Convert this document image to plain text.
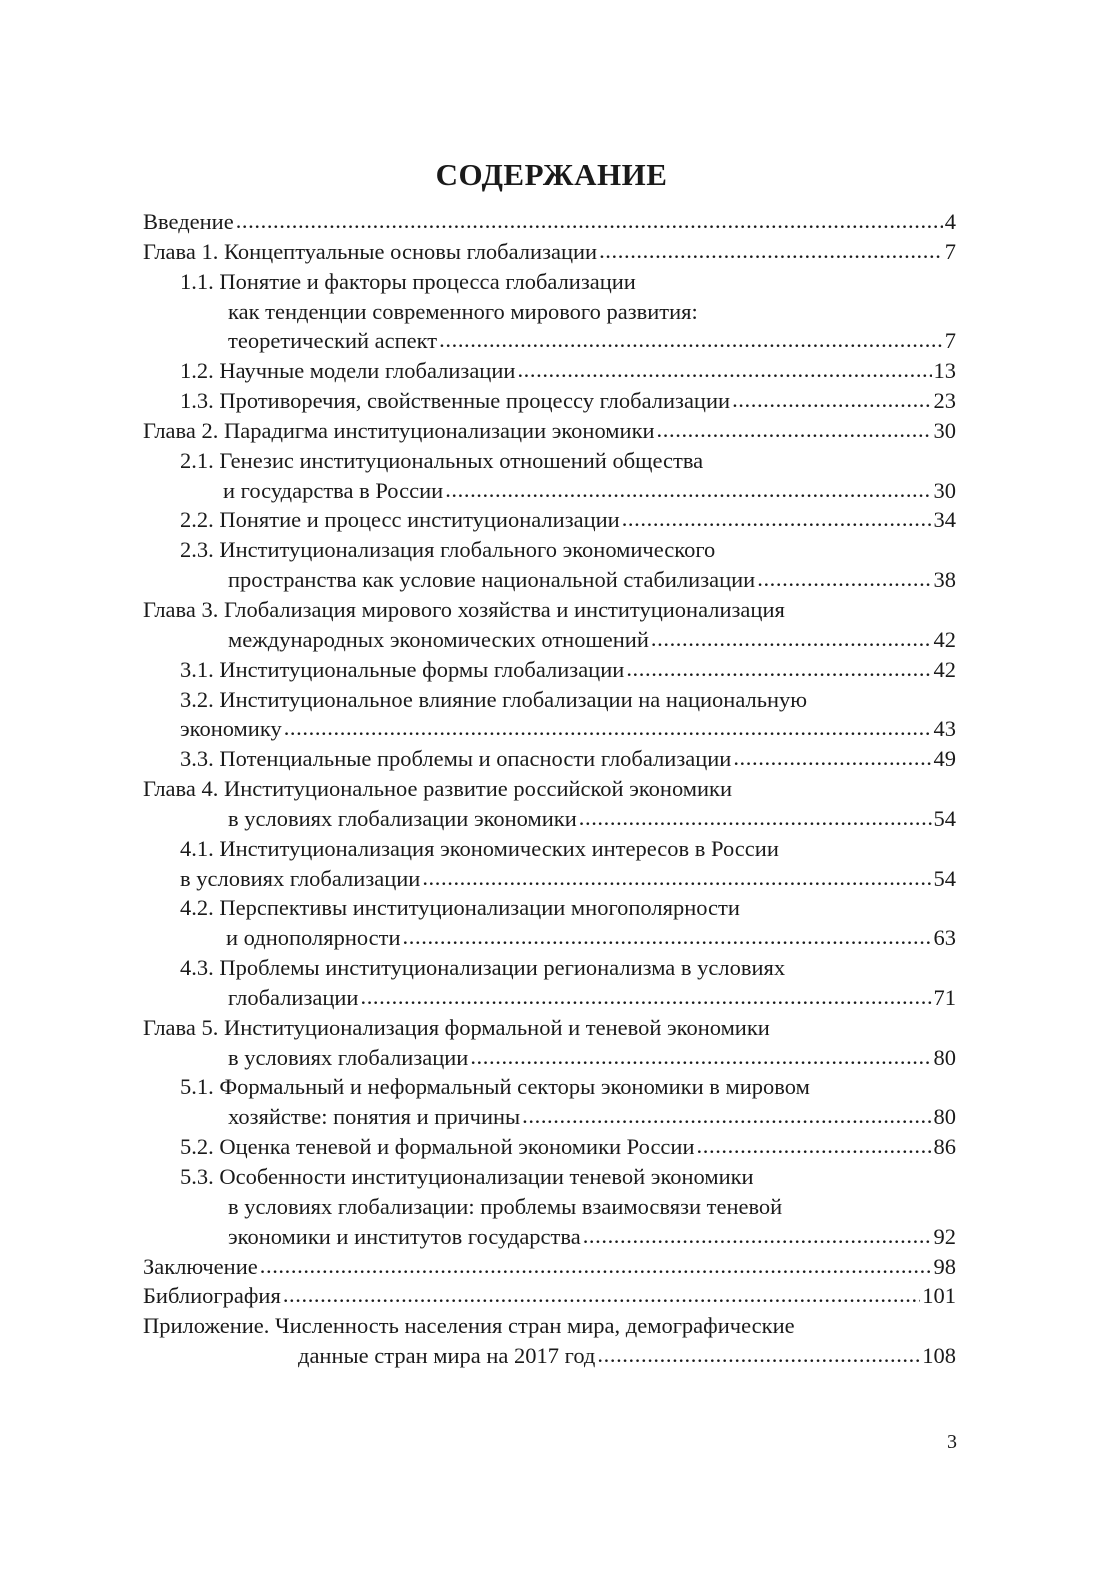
СОДЕРЖАНИЕ
Введение .....	4
Глава 1. Концептуальные основы глобализации .....	7
1.1. Понятие и факторы процесса глобализации
как тенденции современного мирового развития:
теоретический аспект .....	7
1.2. Научные модели глобализации .....	13
1.3. Противоречия, свойственные процессу глобализации .....	23
Глава 2. Парадигма институционализации экономики .....	30
2.1. Генезис институциональных отношений общества
и государства в России .....	30
2.2. Понятие и процесс институционализации .....	34
2.3. Институционализация глобального экономического
пространства как условие национальной стабилизации .....	38
Глава 3. Глобализация мирового хозяйства и институционализация
международных экономических отношений .....	42
3.1. Институциональные формы глобализации .....	42
3.2. Институциональное влияние глобализации на национальную
экономику .....	43
3.3. Потенциальные проблемы и опасности глобализации .....	49
Глава 4. Институциональное развитие российской экономики
в условиях глобализации экономики .....	54
4.1. Институционализация экономических интересов в России
в условиях глобализации .....	54
4.2. Перспективы институционализации многополярности
и однополярности .....	63
4.3. Проблемы институционализации регионализма в условиях
глобализации .....	71
Глава 5. Институционализация формальной и теневой экономики
в условиях глобализации .....	80
5.1. Формальный и неформальный секторы экономики в мировом
хозяйстве: понятия и причины .....	80
5.2. Оценка теневой и формальной экономики России .....	86
5.3. Особенности институционализации теневой экономики
в условиях глобализации: проблемы взаимосвязи теневой
экономики и институтов государства .....	92
Заключение .....	98
Библиография .....	101
Приложение. Численность населения стран мира, демографические
данные стран мира на 2017 год .....	108
3
